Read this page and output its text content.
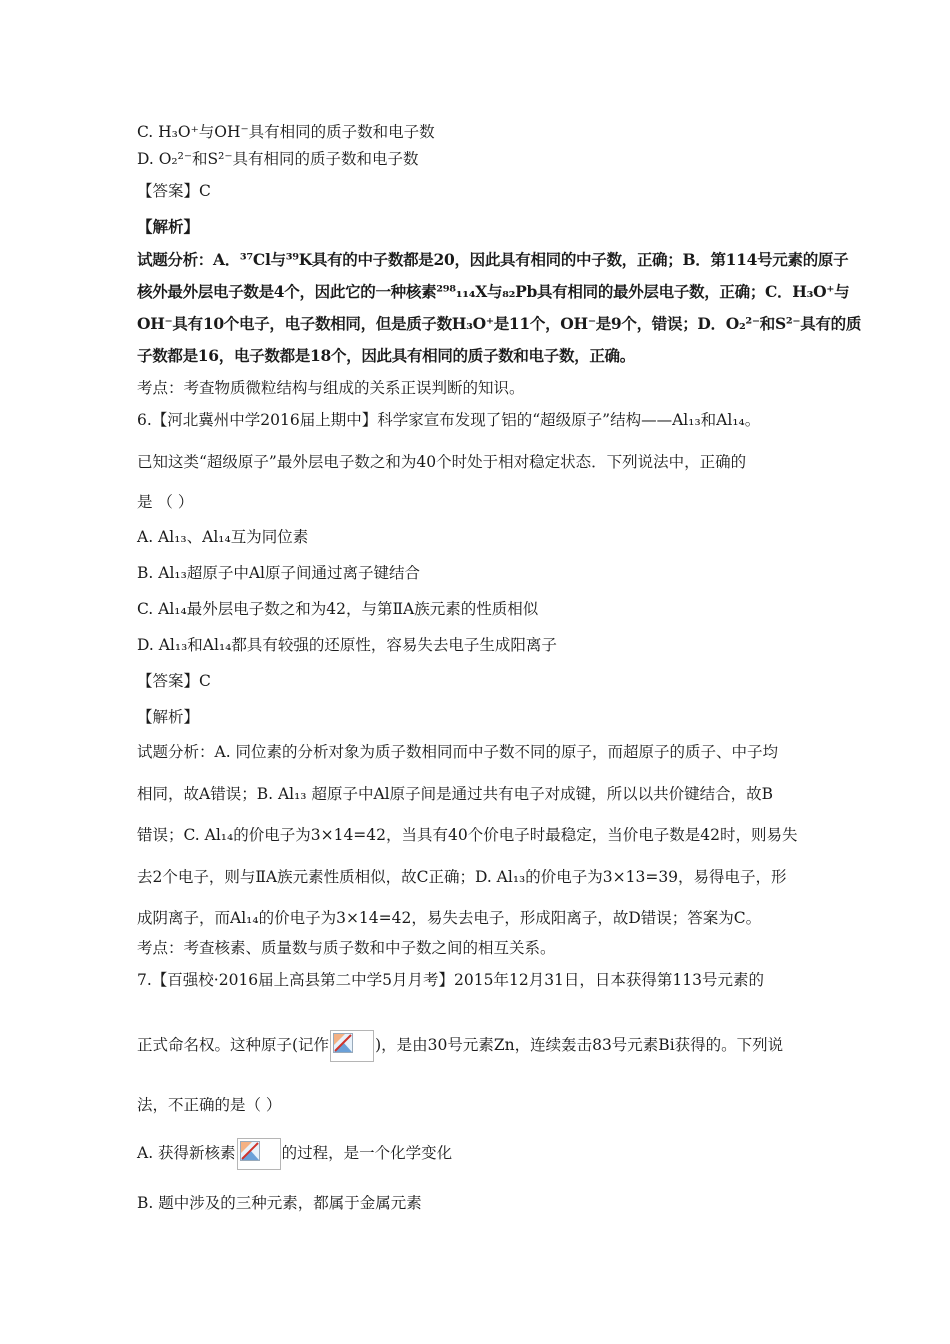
C. H₃O⁺与OH⁻具有相同的质子数和电子数

D. O₂²⁻和S²⁻具有相同的质子数和电子数

【答案】C

【解析】

试题分析：A．³⁷Cl与³⁹K具有的中子数都是20，因此具有相同的中子数，正确；B．第114号元素的原子

核外最外层电子数是4个，因此它的一种核素²⁹⁸₁₁₄X与₈₂Pb具有相同的最外层电子数，正确；C．H₃O⁺与

OH⁻具有10个电子，电子数相同，但是质子数H₃O⁺是11个，OH⁻是9个，错误；D．O₂²⁻和S²⁻具有的质

子数都是16，电子数都是18个，因此具有相同的质子数和电子数，正确。

考点：考查物质微粒结构与组成的关系正误判断的知识。

6.【河北冀州中学2016届上期中】科学家宣布发现了铝的“超级原子”结构——Al₁₃和Al₁₄。

已知这类“超级原子”最外层电子数之和为40个时处于相对稳定状态．下列说法中，正确的

是 （ ）

A. Al₁₃、Al₁₄互为同位素

B. Al₁₃超原子中Al原子间通过离子键结合

C. Al₁₄最外层电子数之和为42，与第ⅡA族元素的性质相似

D. Al₁₃和Al₁₄都具有较强的还原性，容易失去电子生成阳离子

【答案】C

【解析】

试题分析：A. 同位素的分析对象为质子数相同而中子数不同的原子，而超原子的质子、中子均

相同，故A错误；B. Al₁₃ 超原子中Al原子间是通过共有电子对成键，所以以共价键结合，故B

错误；C. Al₁₄的价电子为3×14=42，当具有40个价电子时最稳定，当价电子数是42时，则易失

去2个电子，则与ⅡA族元素性质相似，故C正确；D. Al₁₃的价电子为3×13=39，易得电子，形

成阴离子，而Al₁₄的价电子为3×14=42，易失去电子，形成阳离子，故D错误；答案为C。

考点：考查核素、质量数与质子数和中子数之间的相互关系。

7.【百强校·2016届上高县第二中学5月月考】2015年12月31日，日本获得第113号元素的

正式命名权。这种原子(记作	)，是由30号元素Zn，连续轰击83号元素Bi获得的。下列说

法，不正确的是（ ）

A. 获得新核素	的过程，是一个化学变化

B. 题中涉及的三种元素，都属于金属元素
